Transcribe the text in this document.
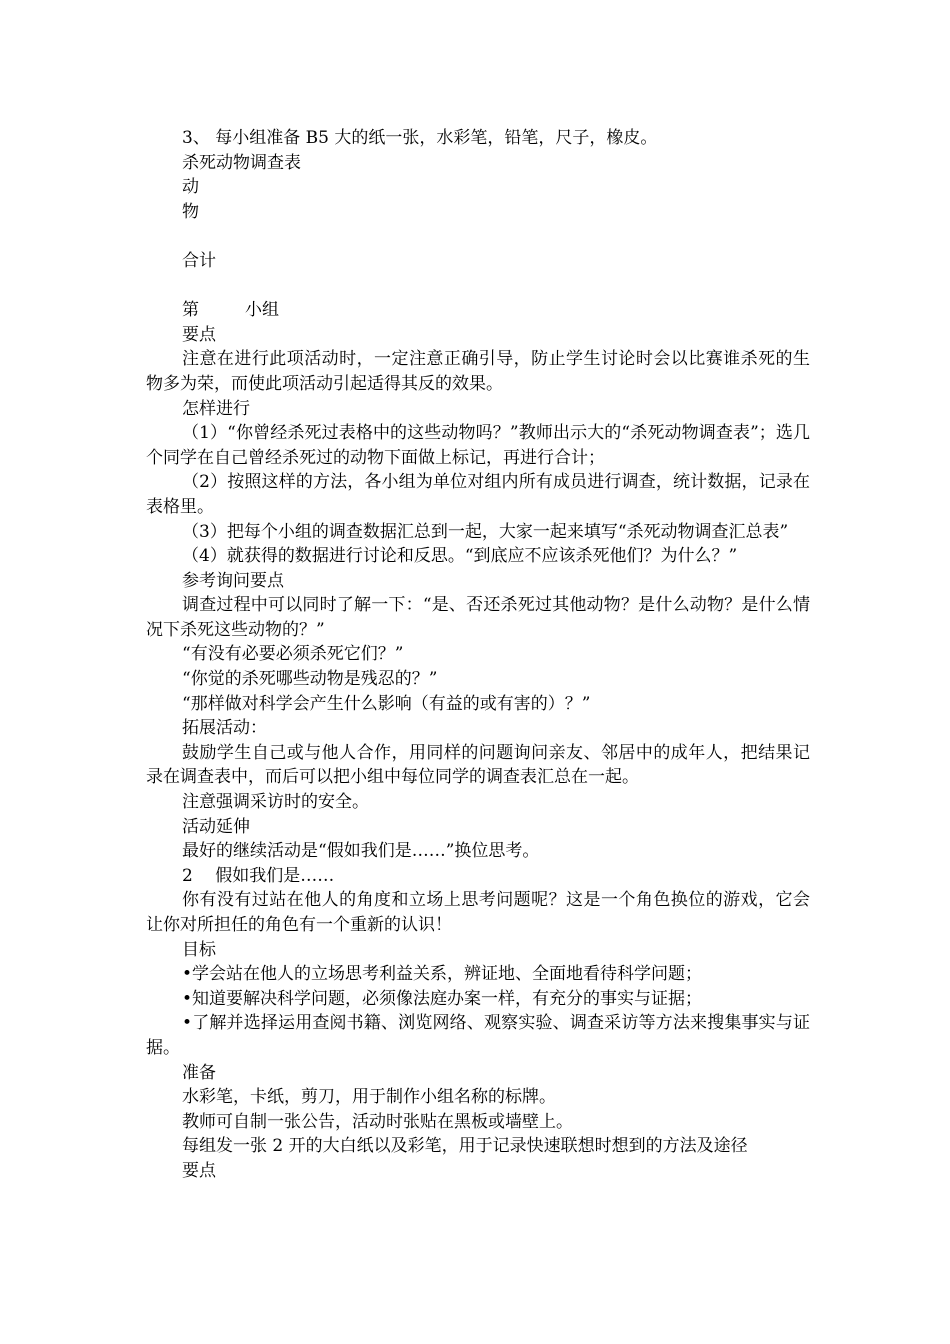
3、 每小组准备 B5 大的纸一张，水彩笔，铅笔，尺子，橡皮。

杀死动物调查表

动

物

合计

第	小组

要点

注意在进行此项活动时，一定注意正确引导，防止学生讨论时会以比赛谁杀死的生物多为荣，而使此项活动引起适得其反的效果。

怎样进行

（1）“你曾经杀死过表格中的这些动物吗？”教师出示大的“杀死动物调查表”；选几个同学在自己曾经杀死过的动物下面做上标记，再进行合计；

（2）按照这样的方法，各小组为单位对组内所有成员进行调查，统计数据，记录在表格里。

（3）把每个小组的调查数据汇总到一起，大家一起来填写“杀死动物调查汇总表”

（4）就获得的数据进行讨论和反思。“到底应不应该杀死他们？为什么？”

参考询问要点

调查过程中可以同时了解一下：“是、否还杀死过其他动物？是什么动物？是什么情况下杀死这些动物的？”

“有没有必要必须杀死它们？”

“你觉的杀死哪些动物是残忍的？”

“那样做对科学会产生什么影响（有益的或有害的）？”

拓展活动：

鼓励学生自己或与他人合作，用同样的问题询问亲友、邻居中的成年人，把结果记录在调查表中，而后可以把小组中每位同学的调查表汇总在一起。

注意强调采访时的安全。

活动延伸

最好的继续活动是“假如我们是……”换位思考。

2　 假如我们是……

你有没有过站在他人的角度和立场上思考问题呢？这是一个角色换位的游戏，它会让你对所担任的角色有一个重新的认识！

目标

•学会站在他人的立场思考利益关系，辨证地、全面地看待科学问题；

•知道要解决科学问题，必须像法庭办案一样，有充分的事实与证据；

•了解并选择运用查阅书籍、浏览网络、观察实验、调查采访等方法来搜集事实与证据。

准备

水彩笔，卡纸，剪刀，用于制作小组名称的标牌。

教师可自制一张公告，活动时张贴在黑板或墙壁上。

每组发一张 2 开的大白纸以及彩笔，用于记录快速联想时想到的方法及途径

要点
